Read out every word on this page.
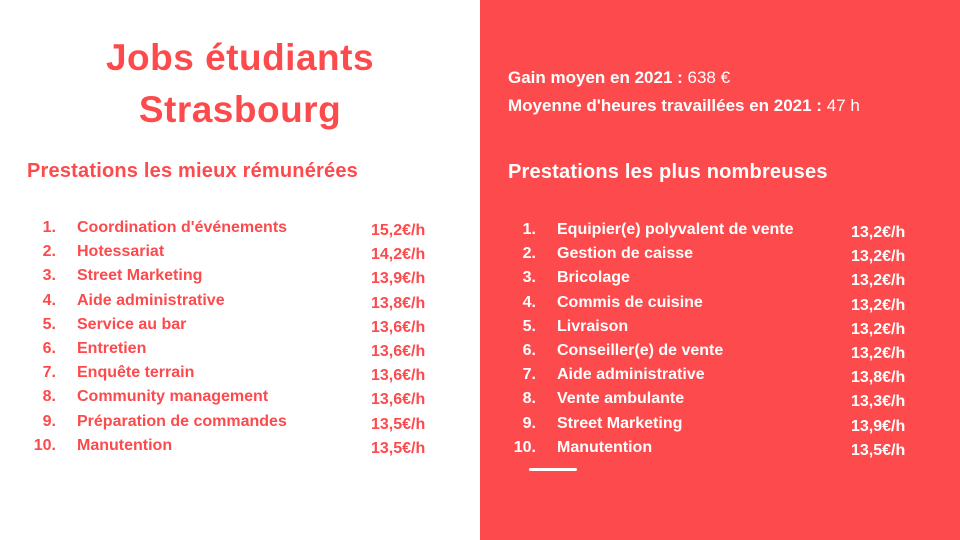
Jobs étudiants
Strasbourg
Prestations les mieux rémunérées
1.	Coordination d'événements	15,2€/h
2.	Hotessariat	14,2€/h
3.	Street Marketing	13,9€/h
4.	Aide administrative	13,8€/h
5.	Service au bar	13,6€/h
6.	Entretien	13,6€/h
7.	Enquête terrain	13,6€/h
8.	Community management	13,6€/h
9.	Préparation de commandes	13,5€/h
10.	Manutention	13,5€/h
Gain moyen en 2021 : 638 €
Moyenne d'heures travaillées en 2021 : 47 h
Prestations les plus nombreuses
1.	Equipier(e) polyvalent de vente	13,2€/h
2.	Gestion de caisse	13,2€/h
3.	Bricolage	13,2€/h
4.	Commis de cuisine	13,2€/h
5.	Livraison	13,2€/h
6.	Conseiller(e) de vente	13,2€/h
7.	Aide administrative	13,8€/h
8.	Vente ambulante	13,3€/h
9.	Street Marketing	13,9€/h
10.	Manutention	13,5€/h
